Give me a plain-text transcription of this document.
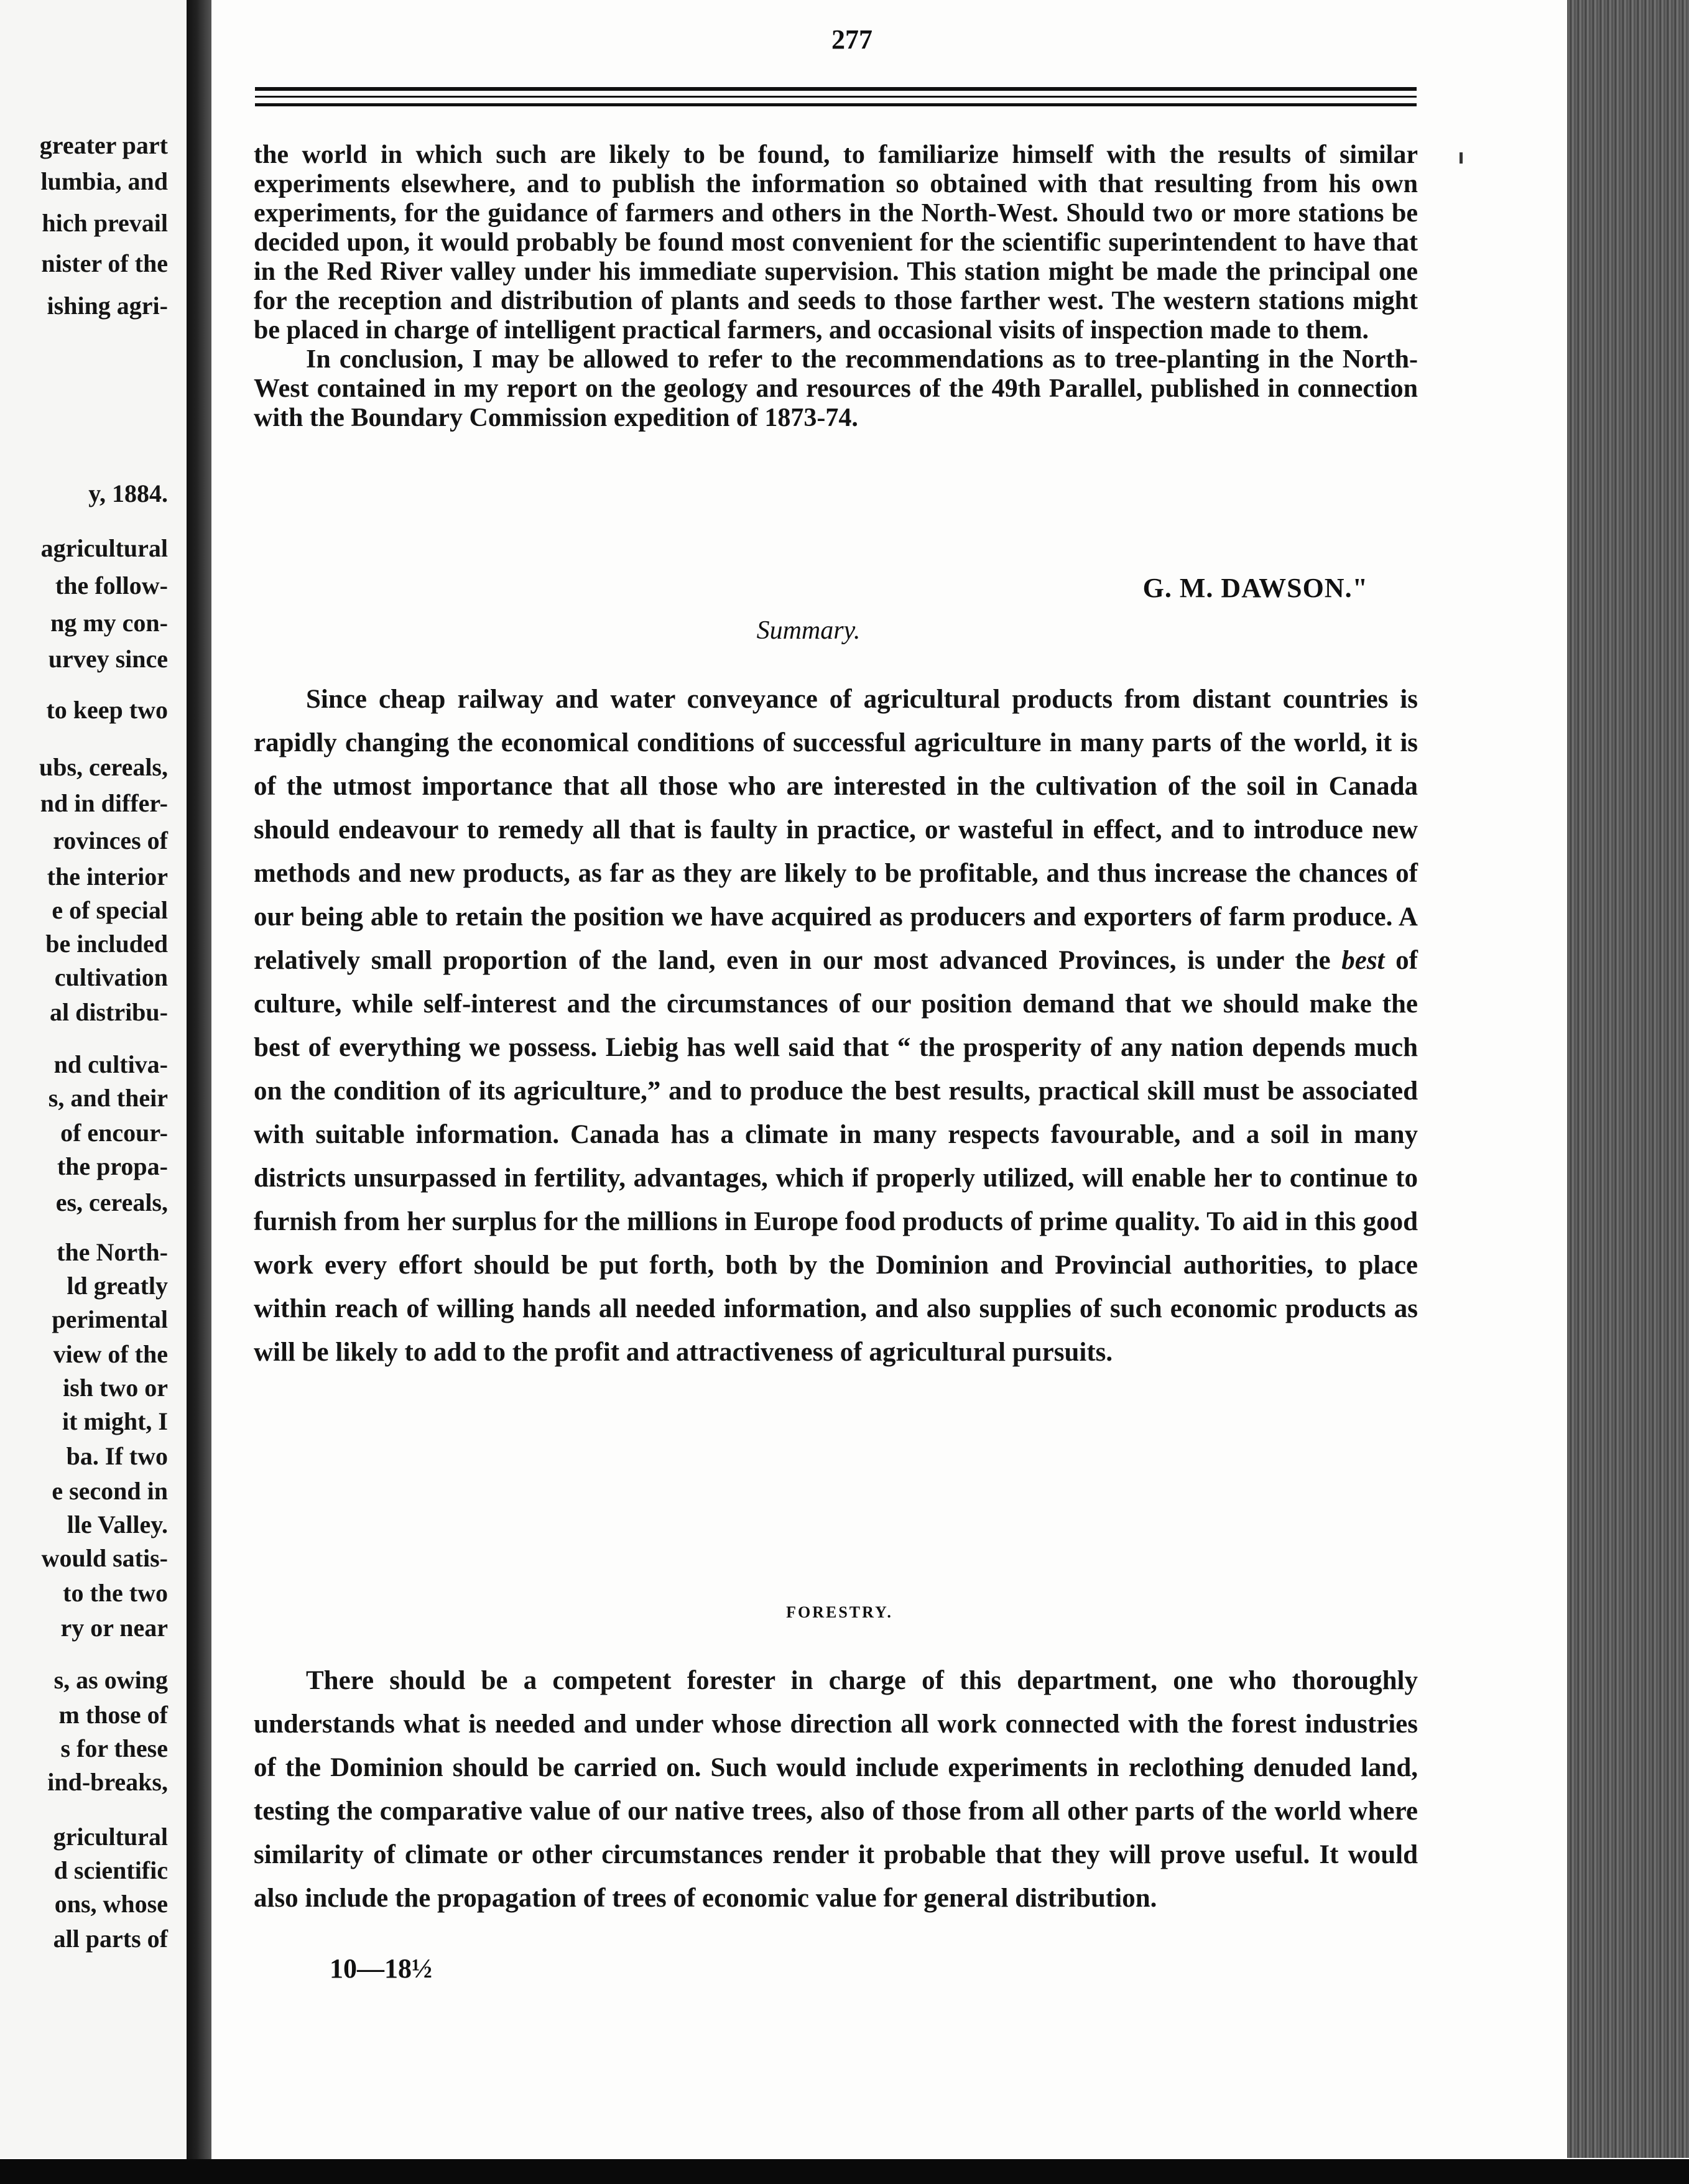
greater part
lumbia, and
hich prevail
nister of the
ishing agri-
y, 1884.
agricultural
the follow-
ng my con-
urvey since
to keep two
ubs, cereals,
nd in differ-
rovinces of
the interior
e of special
be included
cultivation
al distribu-
nd cultiva-
s, and their
of encour-
the propa-
es, cereals,
the North-
ld greatly
perimental
view of the
ish two or
it might, I
ba. If two
e second in
lle Valley.
would satis-
to the two
ry or near
s, as owing
m those of
s for these
ind-breaks,
gricultural
d scientific
ons, whose
all parts of
277

the world in which such are likely to be found, to familiarize himself with the results of similar experiments elsewhere, and to publish the information so obtained with that resulting from his own experiments, for the guidance of farmers and others in the North-West. Should two or more stations be decided upon, it would probably be found most convenient for the scientific superintendent to have that in the Red River valley under his immediate supervision. This station might be made the principal one for the reception and distribution of plants and seeds to those farther west. The western stations might be placed in charge of intelligent practical farmers, and occasional visits of inspection made to them.

In conclusion, I may be allowed to refer to the recommendations as to tree-planting in the North-West contained in my report on the geology and resources of the 49th Parallel, published in connection with the Boundary Commission expedition of 1873-74.

G. M. DAWSON."
Summary.

Since cheap railway and water conveyance of agricultural products from distant countries is rapidly changing the economical conditions of successful agriculture in many parts of the world, it is of the utmost importance that all those who are interested in the cultivation of the soil in Canada should endeavour to remedy all that is faulty in practice, or wasteful in effect, and to introduce new methods and new products, as far as they are likely to be profitable, and thus increase the chances of our being able to retain the position we have acquired as producers and exporters of farm produce. A relatively small proportion of the land, even in our most advanced Provinces, is under the best of culture, while self-interest and the circumstances of our position demand that we should make the best of everything we possess. Liebig has well said that “ the prosperity of any nation depends much on the condition of its agriculture,” and to produce the best results, practical skill must be associated with suitable information. Canada has a climate in many respects favourable, and a soil in many districts unsurpassed in fertility, advantages, which if properly utilized, will enable her to continue to furnish from her surplus for the millions in Europe food products of prime quality. To aid in this good work every effort should be put forth, both by the Dominion and Provincial authorities, to place within reach of willing hands all needed information, and also supplies of such economic products as will be likely to add to the profit and attractiveness of agricultural pursuits.

FORESTRY.

There should be a competent forester in charge of this department, one who thoroughly understands what is needed and under whose direction all work connected with the forest industries of the Dominion should be carried on. Such would include experiments in reclothing denuded land, testing the comparative value of our native trees, also of those from all other parts of the world where similarity of climate or other circumstances render it probable that they will prove useful. It would also include the propagation of trees of economic value for general distribution.

10—18½
